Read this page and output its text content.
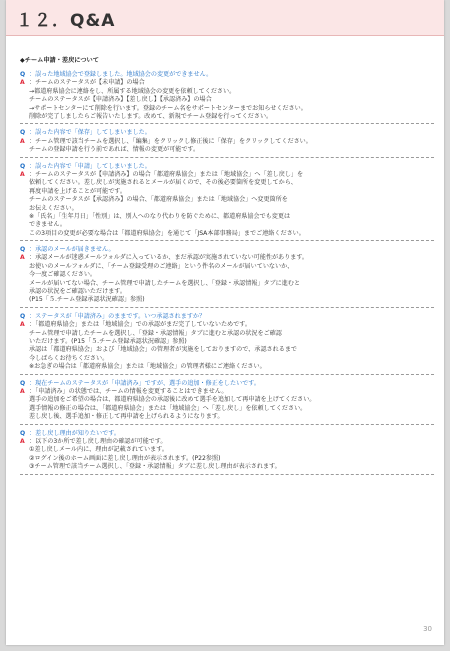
１２．Q&A
◆チーム申請・差戻について
Q ：誤った地域協会で登録しました。地域協会の変更ができません。
A ：チームのステータスが【未申請】の場合
→都道府県協会に連絡をし、所属する地域協会の変更を依頼してください。
チームのステータスが【申請済み】【差し戻し】【承認済み】の場合
→サポートセンターにて削除を行います。登録のチーム名をサポートセンターまでお知らせください。
削除が完了しましたらご報告いたします。改めて、新規でチーム登録を行ってください。
Q ：誤った内容で「保存」してしまいました。
A ：チーム管理で該当チームを選択し、「編集」をクリックし修正後に「保存」をクリックしてください。
チームの登録申請を行う前であれば、情報の変更が可能です。
Q ：誤った内容で「申請」してしまいました。
A ：チームのステータスが【申請済み】の場合「都道府県協会」または「地域協会」へ「差し戻し」を
依頼してください。差し戻しが実施されるとメールが届くので、その後必要箇所を変更してから、
再度申請を上げることが可能です。
チームのステータスが【承認済み】の場合、「都道府県協会」または「地域協会」へ変更箇所を
お伝えください。
※「氏名」「生年月日」「性別」は、別人へのなり代わりを防ぐために、都道府県協会でも変更は
できません。
この3項目の変更が必要な場合は「都道府県協会」を通じて「JSA本部事務局」までご連絡ください。
Q ：承認のメールが届きません。
A ：承認メールが迷惑メールフォルダに入っているか、まだ承認が実施されていない可能性があります。
お使いのメールフォルダに、「チーム登録受理のご連絡」という件名のメールが届いていないか、
今一度ご確認ください。
メールが届いてない場合、チーム管理で申請したチームを選択し、「登録・承認情報」タブに進むと
承認の状況をご確認いただけます。
(P15「５.チーム登録承認状況確認」参照)
Q ：ステータスが「申請済み」のままです。いつ承認されますか？
A ：「都道府県協会」または「地域協会」での承認がまだ完了していないためです。
チーム管理で申請したチームを選択し、「登録・承認情報」タブに進むと承認の状況をご確認
いただけます。(P15「５.チーム登録承認状況確認」参照)
承認は「都道府県協会」および「地域協会」の管理者が実施をしておりますので、承認されるまで
今しばらくお待ちください。
※お急ぎの場合は「都道府県協会」または「地域協会」の管理者様にご連絡ください。
Q ：現在チームのステータスが「申請済み」ですが、選手の追加・修正をしたいです。
A ：「申請済み」の状態では、チームの情報を変更することはできません。
選手の追加をご希望の場合は、都道府県協会の承認後に改めて選手を追加して再申請を上げてください。
選手情報の修正の場合は、「都道府県協会」または「地域協会」へ「差し戻し」を依頼してください。
差し戻し後、選手追加・修正して再申請を上げられるようになります。
Q ：差し戻し理由が知りたいです。
A ：以下の3か所で差し戻し理由の確認が可能です。
①差し戻しメール内に、理由が記載されています。
②ログイン後のホーム画面に差し戻し理由が表示されます。(P22参照)
③チーム管理で該当チーム選択し、「登録・承認情報」タブに差し戻し理由が表示されます。
30
